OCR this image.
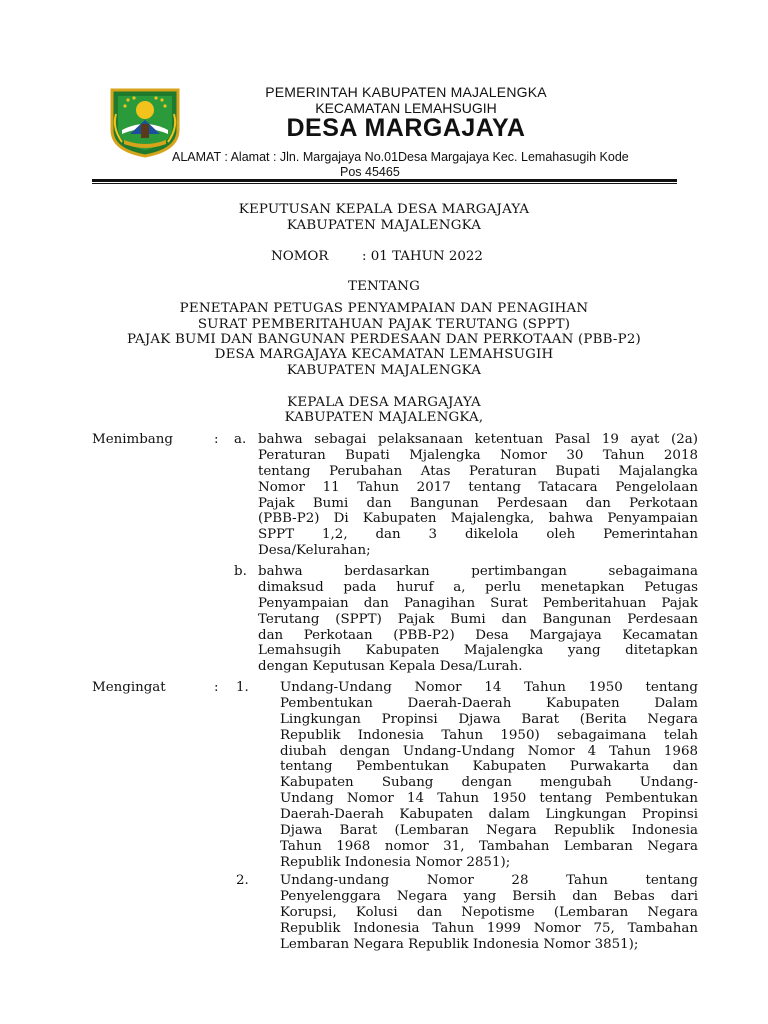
PEMERINTAH KABUPATEN MAJALENGKA
KECAMATAN LEMAHSUGIH
DESA MARGAJAYA
ALAMAT : Alamat : Jln. Margajaya No.01Desa Margajaya Kec. Lemahasugih Kode
Pos 45465
KEPUTUSAN KEPALA DESA MARGAJAYA
KABUPATEN MAJALENGKA
NOMOR	: 01 TAHUN 2022
TENTANG
PENETAPAN PETUGAS PENYAMPAIAN DAN PENAGIHAN
SURAT PEMBERITAHUAN PAJAK TERUTANG (SPPT)
PAJAK BUMI DAN BANGUNAN PERDESAAN DAN PERKOTAAN (PBB-P2)
DESA MARGAJAYA KECAMATAN LEMAHSUGIH
KABUPATEN MAJALENGKA
KEPALA DESA MARGAJAYA
KABUPATEN MAJALENGKA,
Menimbang	: a. bahwa sebagai pelaksanaan ketentuan Pasal 19 ayat (2a)
Peraturan Bupati Mjalengka Nomor 30 Tahun 2018
tentang Perubahan Atas Peraturan Bupati Majalangka
Nomor 11 Tahun 2017 tentang Tatacara Pengelolaan
Pajak Bumi dan Bangunan Perdesaan dan Perkotaan
(PBB-P2) Di Kabupaten Majalengka, bahwa Penyampaian
SPPT 1,2, dan 3 dikelola oleh Pemerintahan
Desa/Kelurahan;
b. bahwa berdasarkan pertimbangan sebagaimana
dimaksud pada huruf a, perlu menetapkan Petugas
Penyampaian dan Panagihan Surat Pemberitahuan Pajak
Terutang (SPPT) Pajak Bumi dan Bangunan Perdesaan
dan Perkotaan (PBB-P2) Desa Margajaya Kecamatan
Lemahsugih Kabupaten Majalengka yang ditetapkan
dengan Keputusan Kepala Desa/Lurah.
Mengingat	: 1. Undang-Undang Nomor 14 Tahun 1950 tentang
Pembentukan Daerah-Daerah Kabupaten Dalam
Lingkungan Propinsi Djawa Barat (Berita Negara
Republik Indonesia Tahun 1950) sebagaimana telah
diubah dengan Undang-Undang Nomor 4 Tahun 1968
tentang Pembentukan Kabupaten Purwakarta dan
Kabupaten Subang dengan mengubah Undang-
Undang Nomor 14 Tahun 1950 tentang Pembentukan
Daerah-Daerah Kabupaten dalam Lingkungan Propinsi
Djawa Barat (Lembaran Negara Republik Indonesia
Tahun 1968 nomor 31, Tambahan Lembaran Negara
Republik Indonesia Nomor 2851);
2. Undang-undang Nomor 28 Tahun tentang
Penyelenggara Negara yang Bersih dan Bebas dari
Korupsi, Kolusi dan Nepotisme (Lembaran Negara
Republik Indonesia Tahun 1999 Nomor 75, Tambahan
Lembaran Negara Republik Indonesia Nomor 3851);
